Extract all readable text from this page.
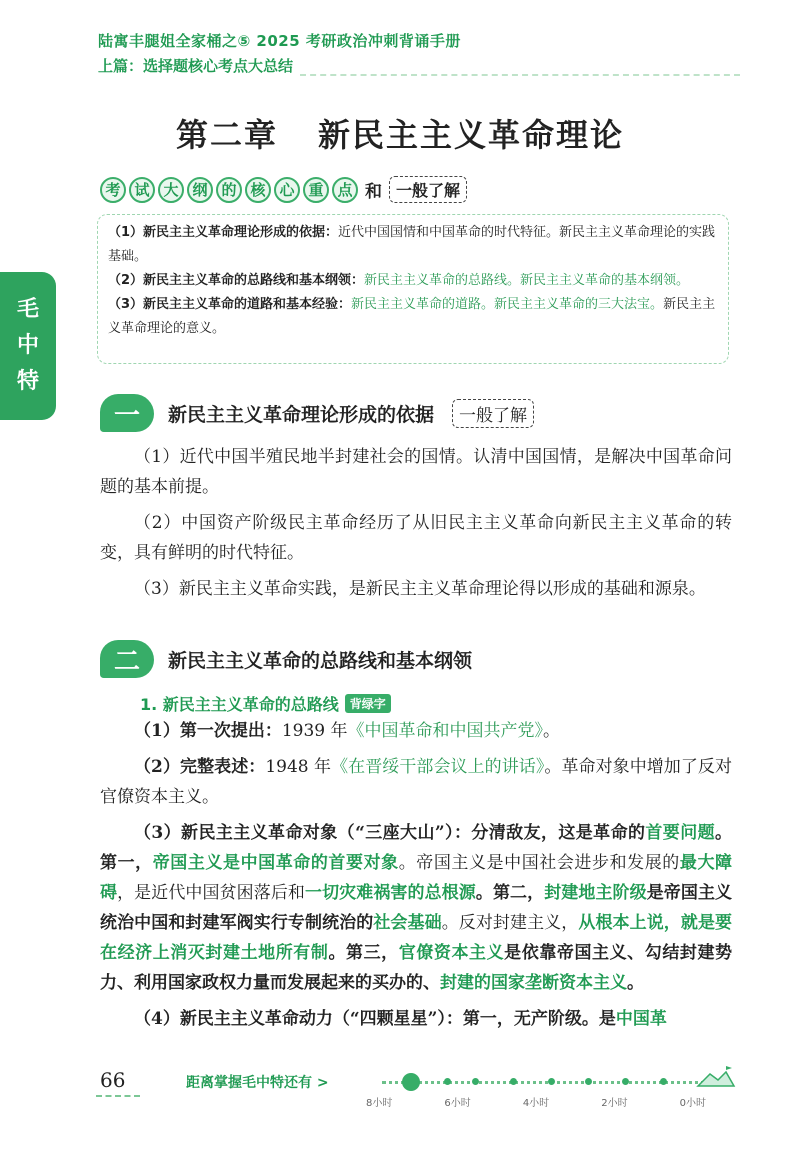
陆寓丰腿姐全家桶之⑤ 2025 考研政治冲刺背诵手册
上篇：选择题核心考点大总结
第二章 新民主主义革命理论
考 试 大 纲 的 核 心 重 点 和 一般了解

（1）新民主主义革命理论形成的依据：近代中国国情和中国革命的时代特征。新民主主义革命理论的实践基础。

（2）新民主主义革命的总路线和基本纲领：新民主主义革命的总路线。新民主主义革命的基本纲领。

（3）新民主主义革命的道路和基本经验：新民主主义革命的道路。新民主主义革命的三大法宝。新民主主义革命理论的意义。

毛
中
特
一	新民主主义革命理论形成的依据	一般了解

（1）近代中国半殖民地半封建社会的国情。认清中国国情，是解决中国革命问题的基本前提。

（2）中国资产阶级民主革命经历了从旧民主主义革命向新民主主义革命的转变，具有鲜明的时代特征。

（3）新民主主义革命实践，是新民主主义革命理论得以形成的基础和源泉。

二	新民主主义革命的总路线和基本纲领
1. 新民主主义革命的总路线 背绿字

（1）第一次提出：1939 年《中国革命和中国共产党》。

（2）完整表述：1948 年《在晋绥干部会议上的讲话》。革命对象中增加了反对官僚资本主义。

（3）新民主主义革命对象（“三座大山”）：分清敌友，这是革命的首要问题。第一，帝国主义是中国革命的首要对象。帝国主义是中国社会进步和发展的最大障碍，是近代中国贫困落后和一切灾难祸害的总根源。第二，封建地主阶级是帝国主义统治中国和封建军阀实行专制统治的社会基础。反对封建主义，从根本上说，就是要在经济上消灭封建土地所有制。第三，官僚资本主义是依靠帝国主义、勾结封建势力、利用国家政权力量而发展起来的买办的、封建的国家垄断资本主义。

（4）新民主主义革命动力（“四颗星星”）：第一，无产阶级。是中国革

66	距离掌握毛中特还有 >
8小时	6小时	4小时	2小时	0小时
